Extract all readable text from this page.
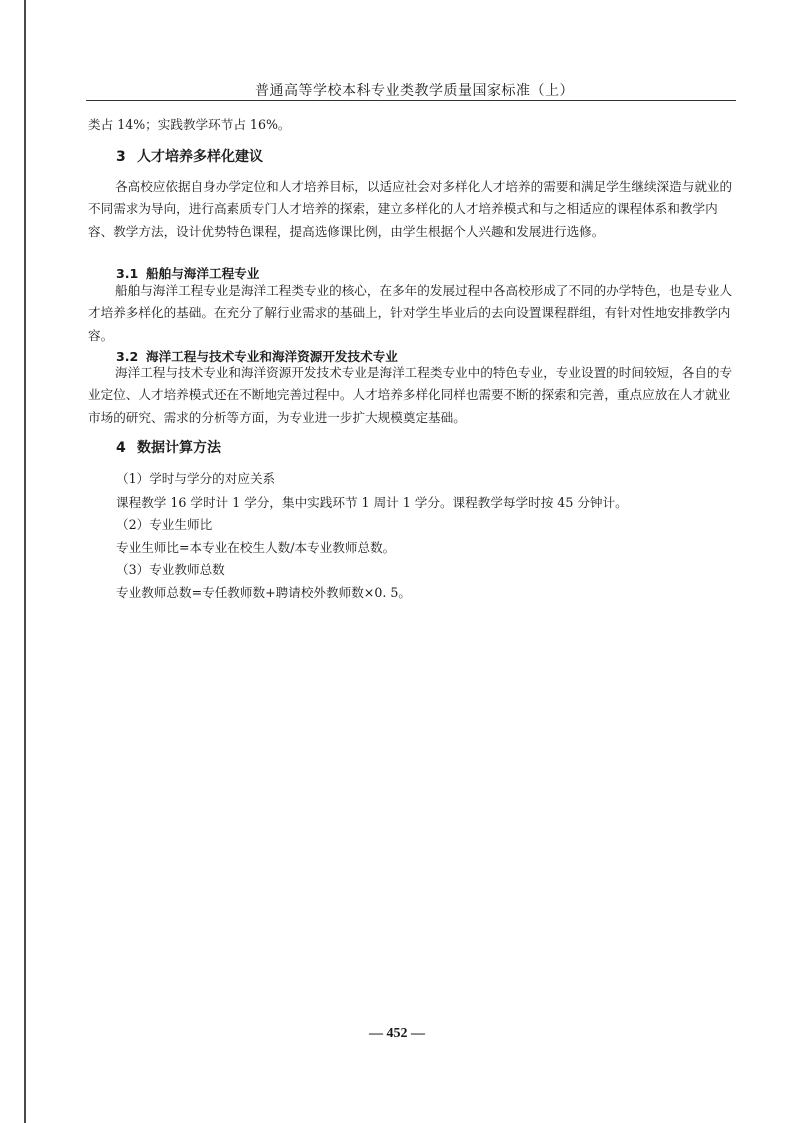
普通高等学校本科专业类教学质量国家标准（上）
类占 14%；实践教学环节占 16%。
3 人才培养多样化建议
各高校应依据自身办学定位和人才培养目标，以适应社会对多样化人才培养的需要和满足学生继续深造与就业的不同需求为导向，进行高素质专门人才培养的探索，建立多样化的人才培养模式和与之相适应的课程体系和教学内容、教学方法，设计优势特色课程，提高选修课比例，由学生根据个人兴趣和发展进行选修。
3.1 船舶与海洋工程专业
船舶与海洋工程专业是海洋工程类专业的核心，在多年的发展过程中各高校形成了不同的办学特色，也是专业人才培养多样化的基础。在充分了解行业需求的基础上，针对学生毕业后的去向设置课程群组，有针对性地安排教学内容。
3.2 海洋工程与技术专业和海洋资源开发技术专业
海洋工程与技术专业和海洋资源开发技术专业是海洋工程类专业中的特色专业，专业设置的时间较短，各自的专业定位、人才培养模式还在不断地完善过程中。人才培养多样化同样也需要不断的探索和完善，重点应放在人才就业市场的研究、需求的分析等方面，为专业进一步扩大规模奠定基础。
4 数据计算方法
（1）学时与学分的对应关系
课程教学 16 学时计 1 学分，集中实践环节 1 周计 1 学分。课程教学每学时按 45 分钟计。
（2）专业生师比
专业生师比=本专业在校生人数/本专业教师总数。
（3）专业教师总数
专业教师总数=专任教师数+聘请校外教师数×0. 5。
— 452 —
